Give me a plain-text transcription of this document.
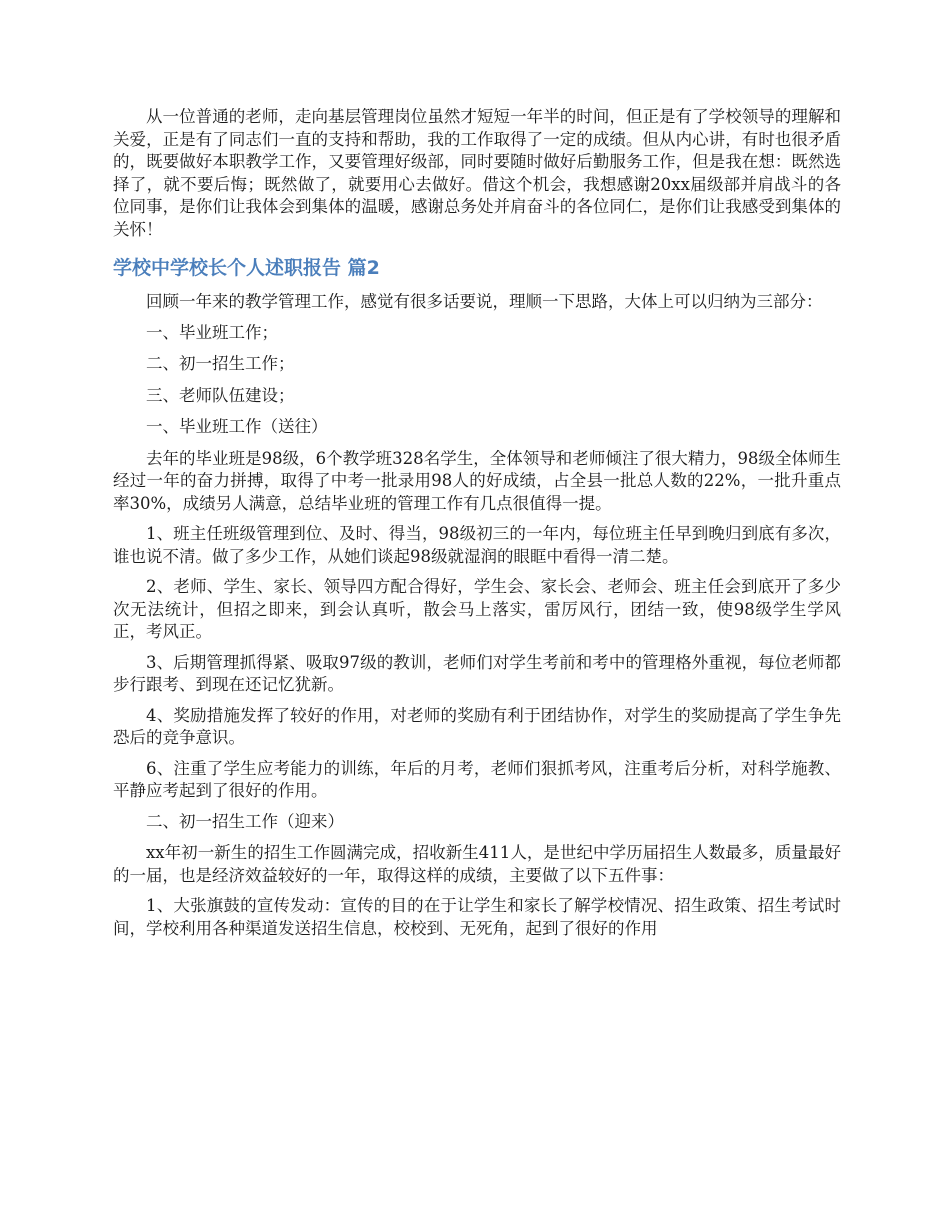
从一位普通的老师，走向基层管理岗位虽然才短短一年半的时间，但正是有了学校领导的理解和关爱，正是有了同志们一直的支持和帮助，我的工作取得了一定的成绩。但从内心讲，有时也很矛盾的，既要做好本职教学工作，又要管理好级部，同时要随时做好后勤服务工作，但是我在想：既然选择了，就不要后悔；既然做了，就要用心去做好。借这个机会，我想感谢20xx届级部并肩战斗的各位同事，是你们让我体会到集体的温暖，感谢总务处并肩奋斗的各位同仁，是你们让我感受到集体的关怀！

学校中学校长个人述职报告 篇2

回顾一年来的教学管理工作，感觉有很多话要说，理顺一下思路，大体上可以归纳为三部分：

一、毕业班工作；

二、初一招生工作；

三、老师队伍建设；

一、毕业班工作（送往）

去年的毕业班是98级，6个教学班328名学生，全体领导和老师倾注了很大精力，98级全体师生经过一年的奋力拼搏，取得了中考一批录用98人的好成绩，占全县一批总人数的22%，一批升重点率30%，成绩另人满意，总结毕业班的管理工作有几点很值得一提。

1、班主任班级管理到位、及时、得当，98级初三的一年内，每位班主任早到晚归到底有多次，谁也说不清。做了多少工作，从她们谈起98级就湿润的眼眶中看得一清二楚。

2、老师、学生、家长、领导四方配合得好，学生会、家长会、老师会、班主任会到底开了多少次无法统计，但招之即来，到会认真听，散会马上落实，雷厉风行，团结一致，使98级学生学风正，考风正。

3、后期管理抓得紧、吸取97级的教训，老师们对学生考前和考中的管理格外重视，每位老师都步行跟考、到现在还记忆犹新。

4、奖励措施发挥了较好的作用，对老师的奖励有利于团结协作，对学生的奖励提高了学生争先恐后的竞争意识。

6、注重了学生应考能力的训练，年后的月考，老师们狠抓考风，注重考后分析，对科学施教、平静应考起到了很好的作用。

二、初一招生工作（迎来）

xx年初一新生的招生工作圆满完成，招收新生411人，是世纪中学历届招生人数最多，质量最好的一届，也是经济效益较好的一年，取得这样的成绩，主要做了以下五件事：

1、大张旗鼓的宣传发动：宣传的目的在于让学生和家长了解学校情况、招生政策、招生考试时间，学校利用各种渠道发送招生信息，校校到、无死角，起到了很好的作用
